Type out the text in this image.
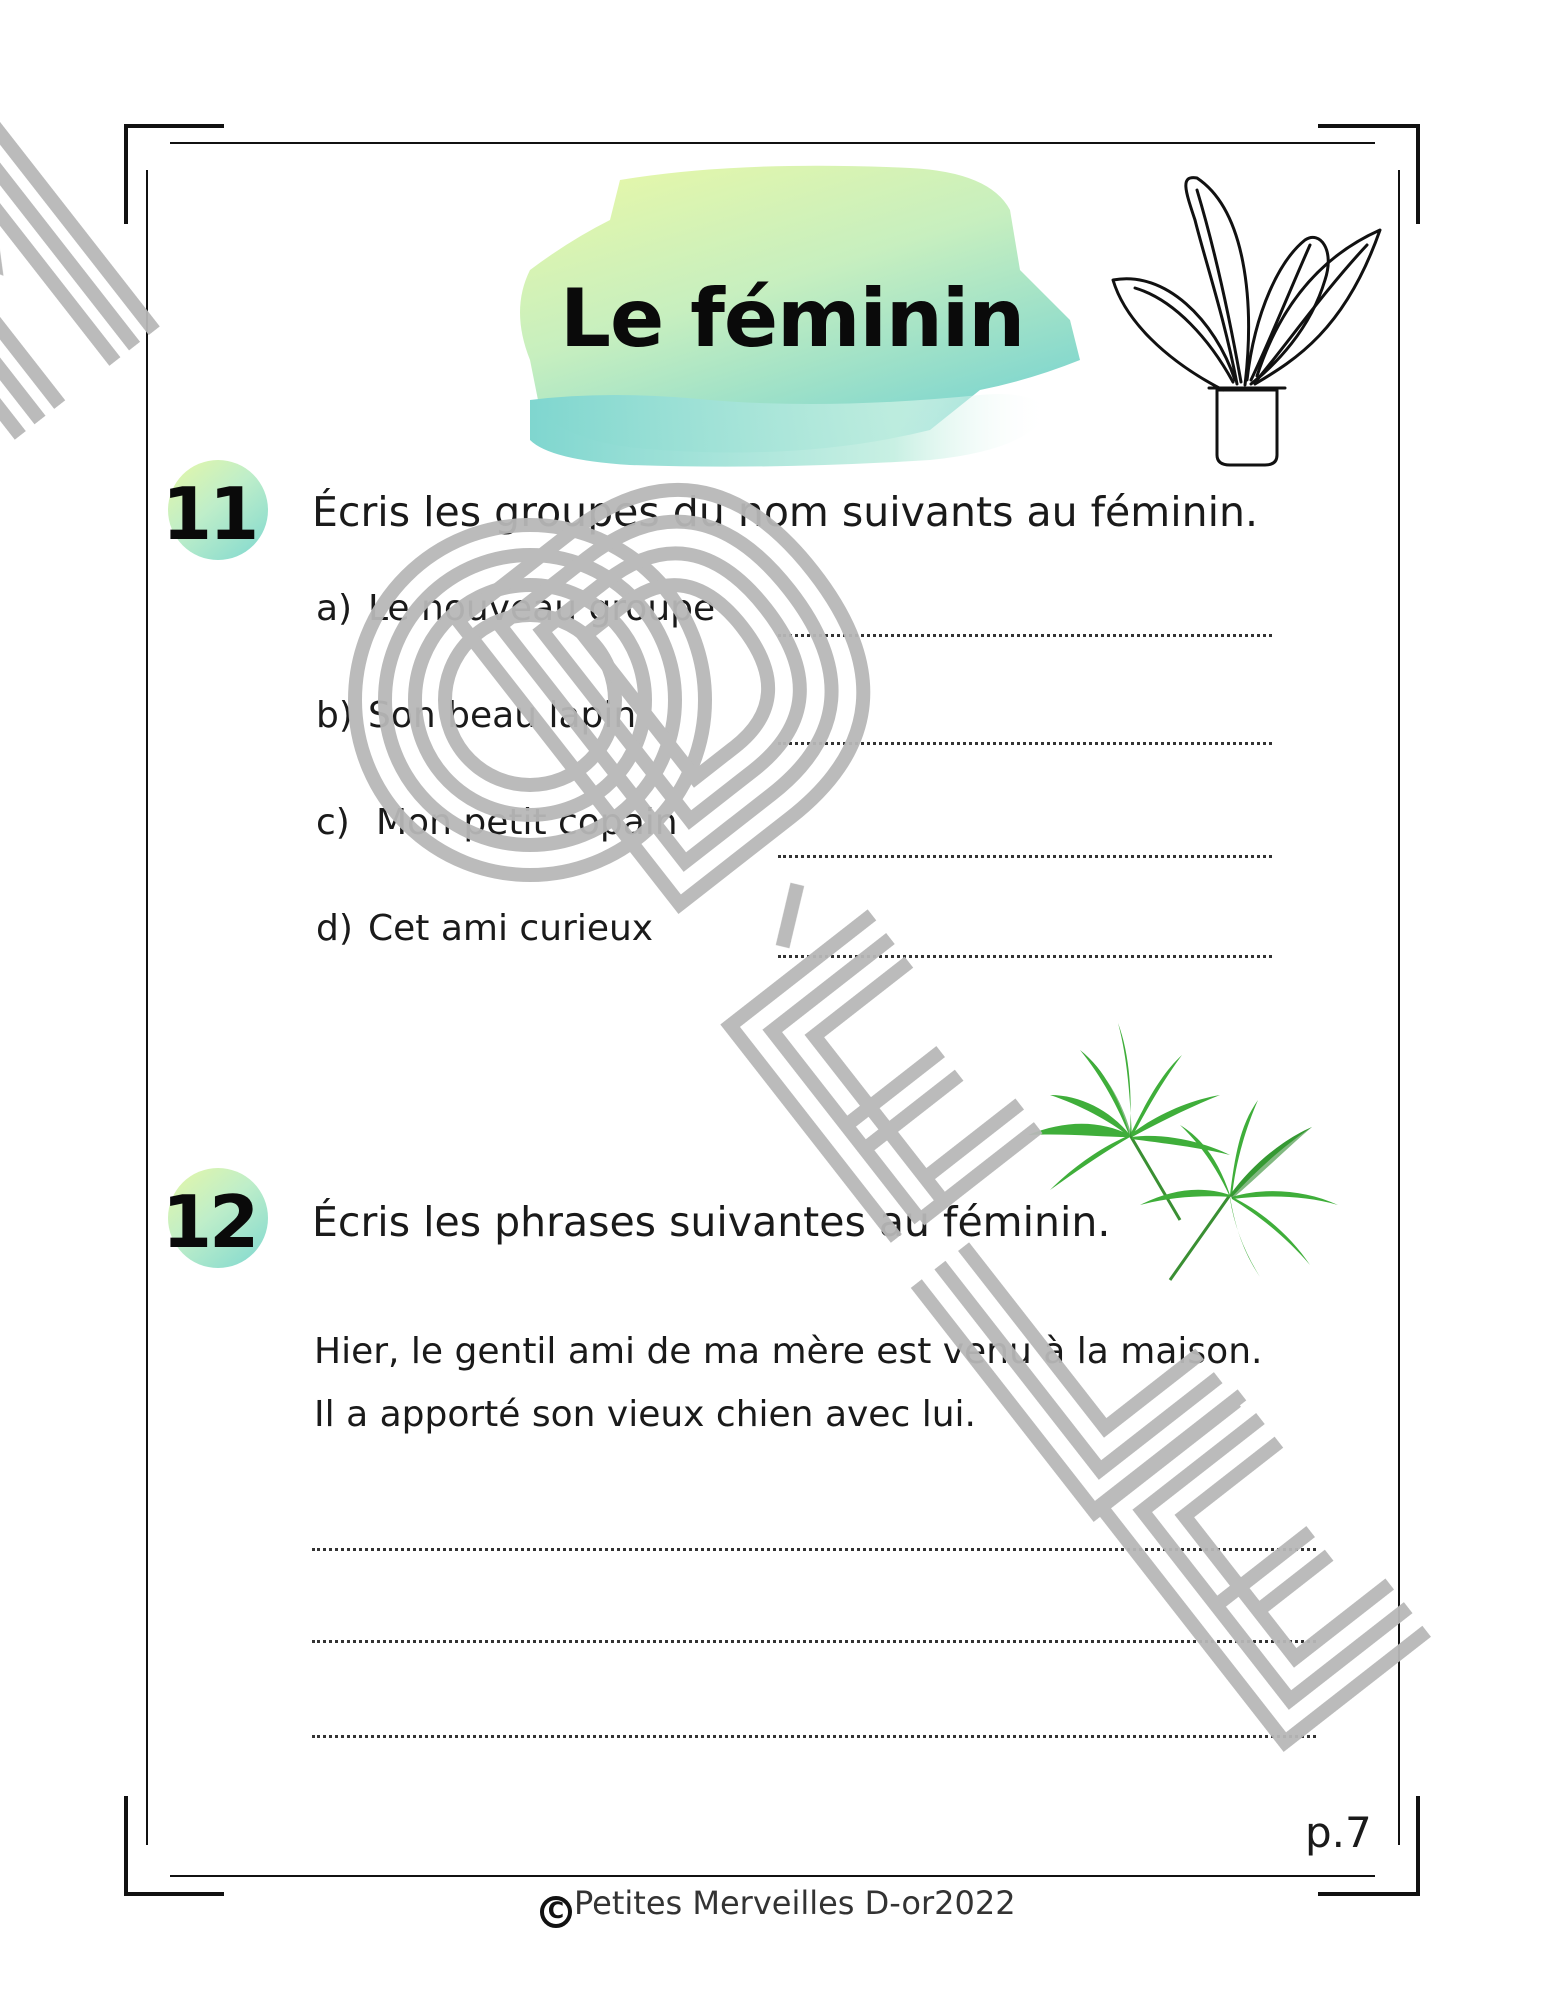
Le féminin
11 Écris les groupes du nom suivants au féminin.
a) Le nouveau groupe
b) Son beau lapin
c) Mon petit copain
d) Cet ami curieux
12 Écris les phrases suivantes au féminin.

Hier, le gentil ami de ma mère est venu à la maison.

Il a apporté son vieux chien avec lui.

p.7
C Petites Merveilles D-or2022
